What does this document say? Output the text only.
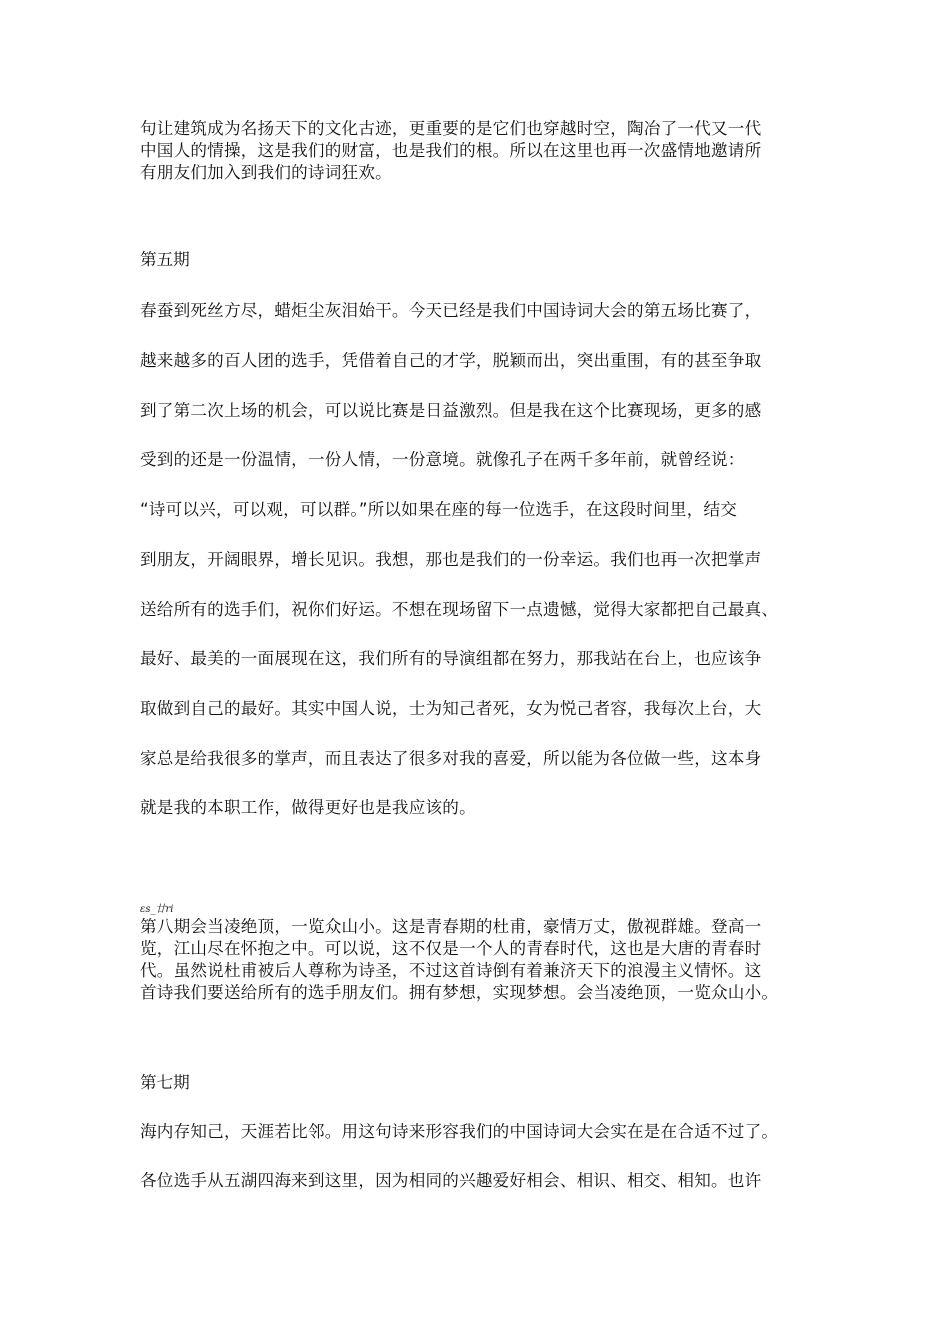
句让建筑成为名扬天下的文化古迹，更重要的是它们也穿越时空，陶冶了一代又一代
中国人的情操，这是我们的财富，也是我们的根。所以在这里也再一次盛情地邀请所
有朋友们加入到我们的诗词狂欢。
第五期
春蚕到死丝方尽，蜡炬尘灰泪始干。今天已经是我们中国诗词大会的第五场比赛了，
越来越多的百人团的选手，凭借着自己的才学，脱颖而出，突出重围，有的甚至争取
到了第二次上场的机会，可以说比赛是日益激烈。但是我在这个比赛现场，更多的感
受到的还是一份温情，一份人情，一份意境。就像孔子在两千多年前，就曾经说：
“诗可以兴，可以观，可以群。”所以如果在座的每一位选手，在这段时间里，结交
到朋友，开阔眼界，增长见识。我想，那也是我们的一份幸运。我们也再一次把掌声
送给所有的选手们，祝你们好运。不想在现场留下一点遗憾，觉得大家都把自己最真、
最好、最美的一面展现在这，我们所有的导演组都在努力，那我站在台上，也应该争
取做到自己的最好。其实中国人说，士为知己者死，女为悦己者容，我每次上台，大
家总是给我很多的掌声，而且表达了很多对我的喜爱，所以能为各位做一些，这本身
就是我的本职工作，做得更好也是我应该的。
ɛs_廿ri
第八期会当凌绝顶，一览众山小。这是青春期的杜甫，豪情万丈，傲视群雄。登高一
览，江山尽在怀抱之中。可以说，这不仅是一个人的青春时代，这也是大唐的青春时
代。虽然说杜甫被后人尊称为诗圣，不过这首诗倒有着兼济天下的浪漫主义情怀。这
首诗我们要送给所有的选手朋友们。拥有梦想，实现梦想。会当凌绝顶，一览众山小。
第七期
海内存知己，天涯若比邻。用这句诗来形容我们的中国诗词大会实在是在合适不过了。
各位选手从五湖四海来到这里，因为相同的兴趣爱好相会、相识、相交、相知。也许
